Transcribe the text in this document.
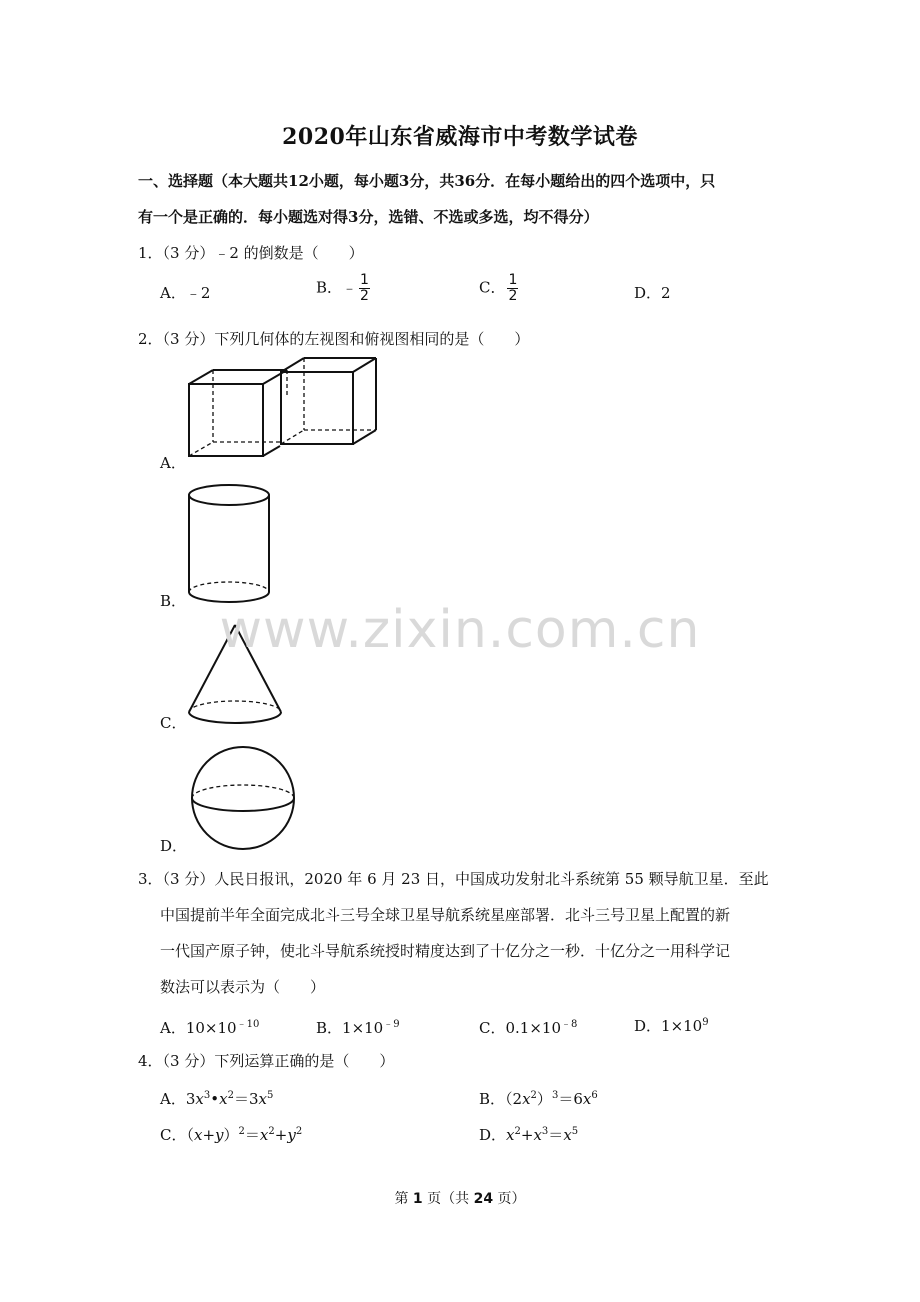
2020年山东省威海市中考数学试卷
一、选择题（本大题共12小题，每小题3分，共36分．在每小题给出的四个选项中，只
有一个是正确的．每小题选对得3分，选错、不选或多选，均不得分）
1．（3 分）﹣2 的倒数是（　　）
A．﹣2	B．﹣ $\frac{1}{2}$	C． $\frac{1}{2}$	D．2
2．（3 分）下列几何体的左视图和俯视图相同的是（　　）
A．
B．
C．
D．
www.zixin.com.cn
3．（3 分）人民日报讯，2020 年 6 月 23 日，中国成功发射北斗系统第 55 颗导航卫星．至此
中国提前半年全面完成北斗三号全球卫星导航系统星座部署．北斗三号卫星上配置的新
一代国产原子钟，使北斗导航系统授时精度达到了十亿分之一秒．十亿分之一用科学记
数法可以表示为（　　）
A．$10\times 10^{﹣10}$	B．$1\times 10^{﹣9}$	C．$0.1\times 10^{﹣8}$	D．$1\times 10^9$
4．（3 分）下列运算正确的是（　　）
A．$3x^3•x^2=3x^5$	B．$(2x^2)^3=6x^6$
C．$(x+y)^2=x^2+y^2$	D．$x^2+x^3=x^5$
第 1 页（共 24 页）
